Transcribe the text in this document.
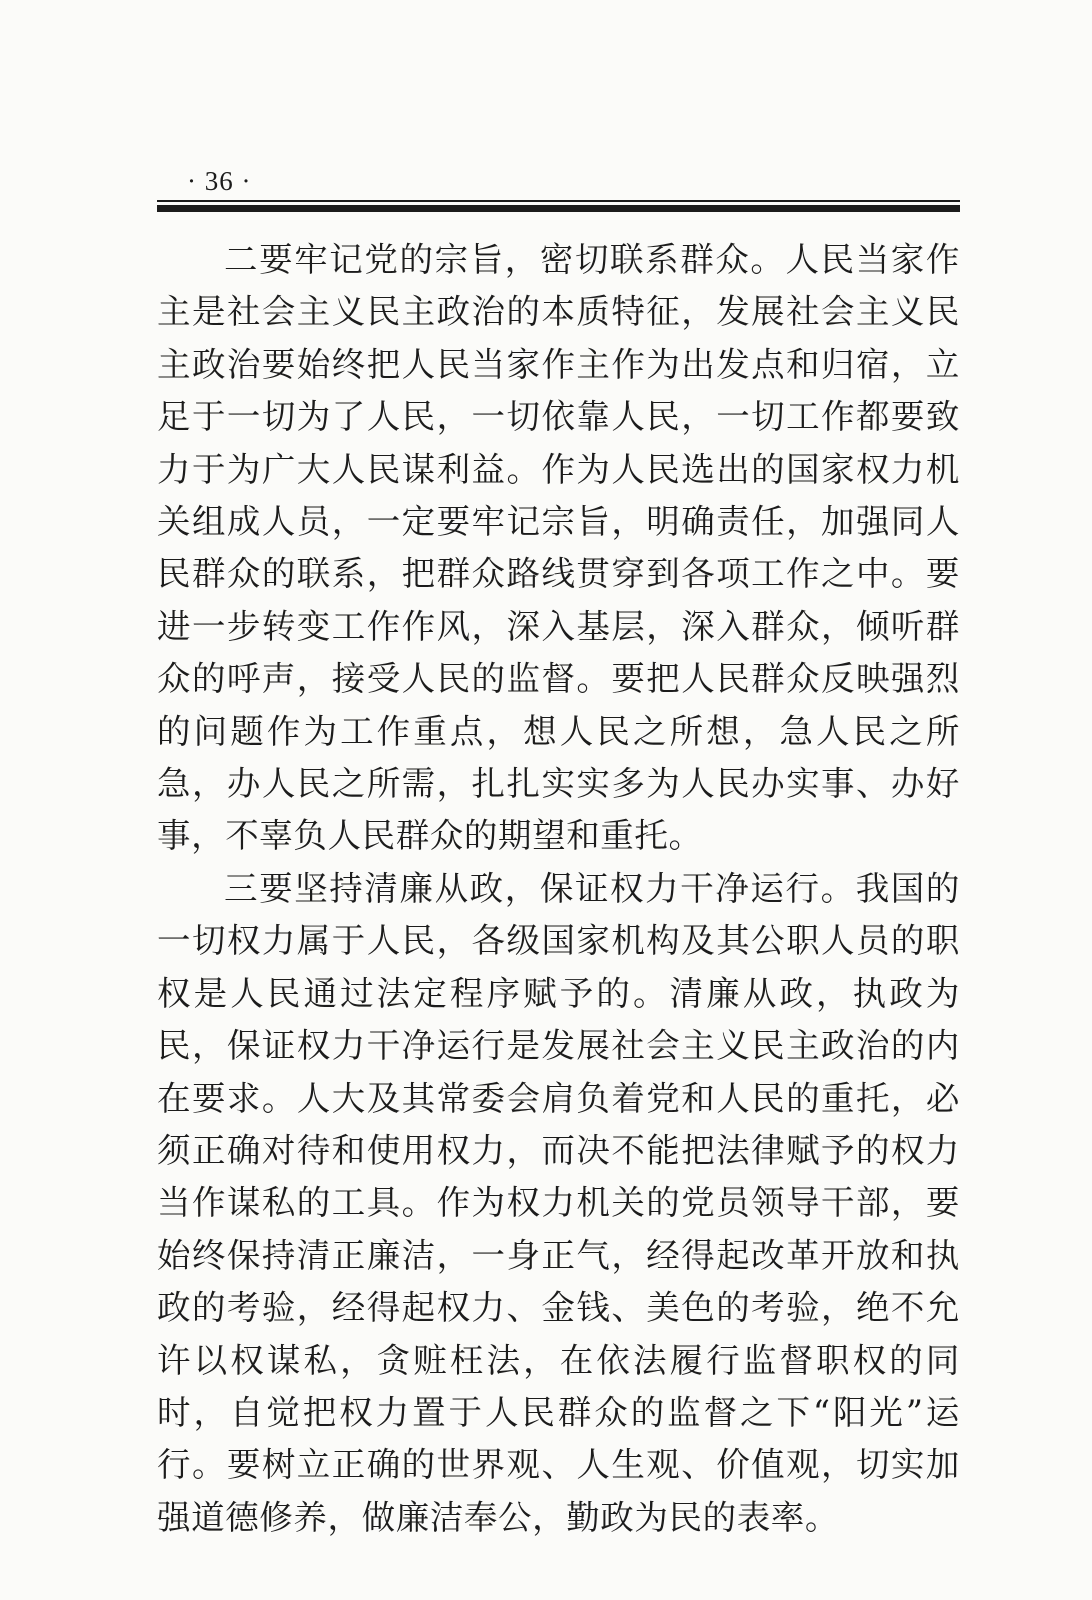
· 36 ·

二要牢记党的宗旨，密切联系群众。人民当家作主是社会主义民主政治的本质特征，发展社会主义民主政治要始终把人民当家作主作为出发点和归宿，立足于一切为了人民，一切依靠人民，一切工作都要致力于为广大人民谋利益。作为人民选出的国家权力机关组成人员，一定要牢记宗旨，明确责任，加强同人民群众的联系，把群众路线贯穿到各项工作之中。要进一步转变工作作风，深入基层，深入群众，倾听群众的呼声，接受人民的监督。要把人民群众反映强烈的问题作为工作重点，想人民之所想，急人民之所急，办人民之所需，扎扎实实多为人民办实事、办好事，不辜负人民群众的期望和重托。

三要坚持清廉从政，保证权力干净运行。我国的一切权力属于人民，各级国家机构及其公职人员的职权是人民通过法定程序赋予的。清廉从政，执政为民，保证权力干净运行是发展社会主义民主政治的内在要求。人大及其常委会肩负着党和人民的重托，必须正确对待和使用权力，而决不能把法律赋予的权力当作谋私的工具。作为权力机关的党员领导干部，要始终保持清正廉洁，一身正气，经得起改革开放和执政的考验，经得起权力、金钱、美色的考验，绝不允许以权谋私，贪赃枉法，在依法履行监督职权的同时，自觉把权力置于人民群众的监督之下“阳光”运行。要树立正确的世界观、人生观、价值观，切实加强道德修养，做廉洁奉公，勤政为民的表率。
